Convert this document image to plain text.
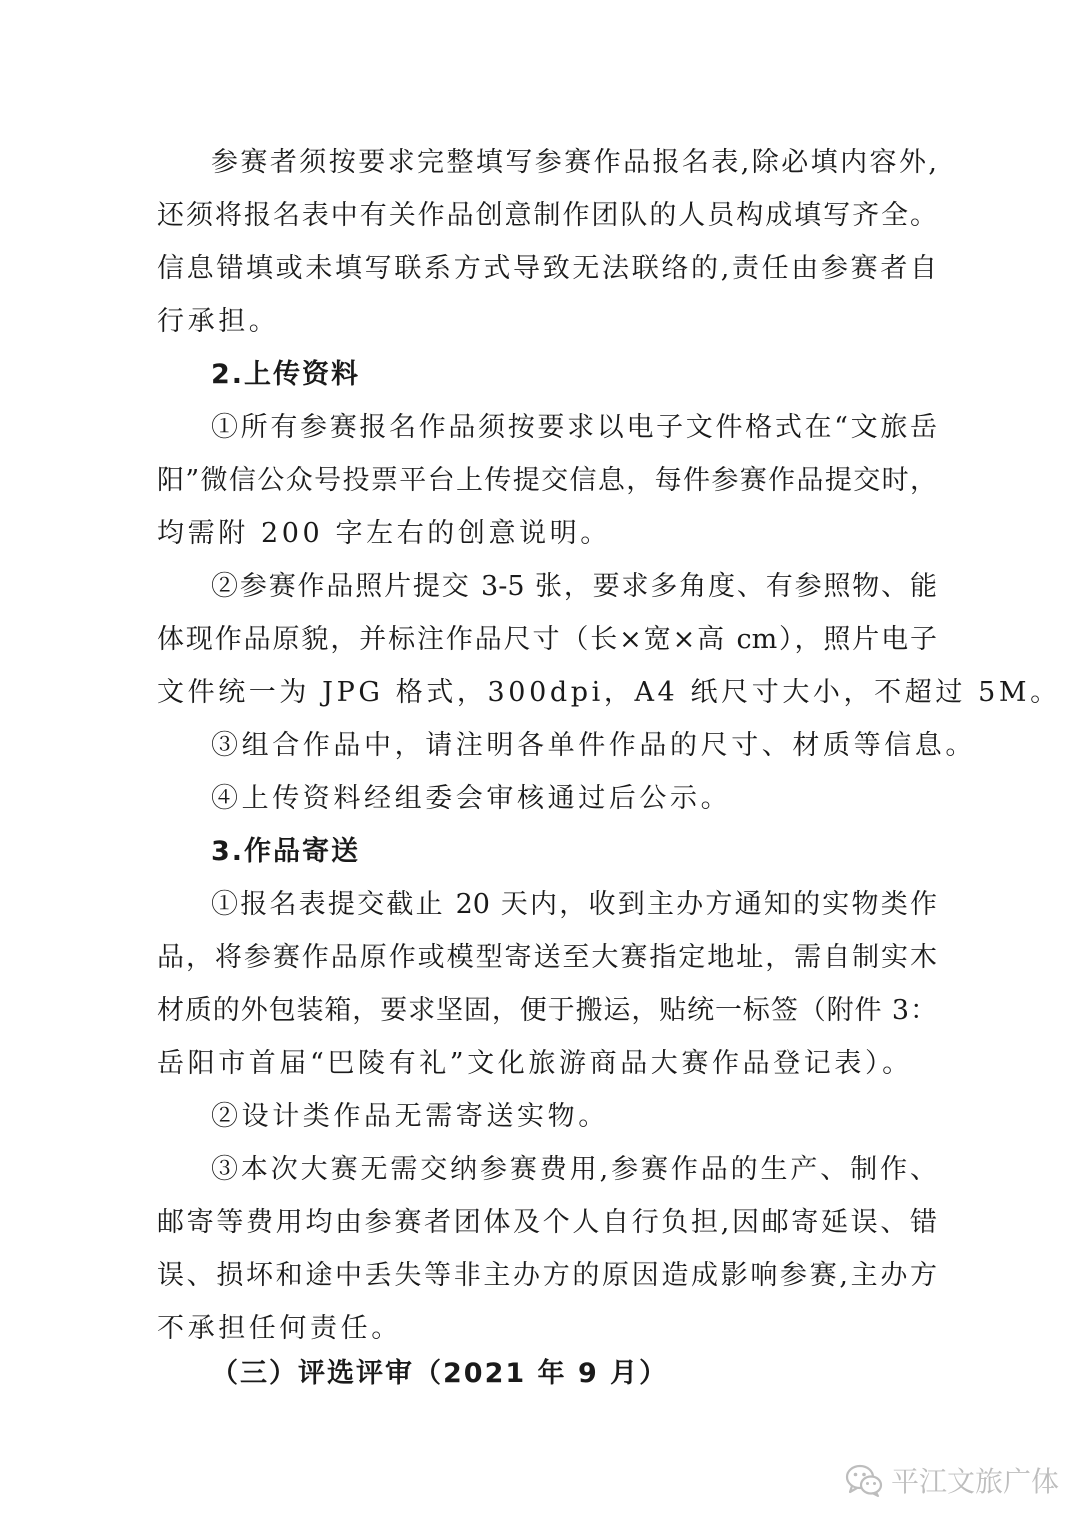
参赛者须按要求完整填写参赛作品报名表,除必填内容外,
还须将报名表中有关作品创意制作团队的人员构成填写齐全。
信息错填或未填写联系方式导致无法联络的,责任由参赛者自
行承担。
2.上传资料
①所有参赛报名作品须按要求以电子文件格式在“文旅岳
阳”微信公众号投票平台上传提交信息，每件参赛作品提交时，
均需附 200 字左右的创意说明。
②参赛作品照片提交 3-5 张，要求多角度、有参照物、能
体现作品原貌，并标注作品尺寸（长×宽×高 cm），照片电子
文件统一为 JPG 格式，300dpi，A4 纸尺寸大小，不超过 5M。
③组合作品中，请注明各单件作品的尺寸、材质等信息。
④上传资料经组委会审核通过后公示。
3.作品寄送
①报名表提交截止 20 天内，收到主办方通知的实物类作
品，将参赛作品原作或模型寄送至大赛指定地址，需自制实木
材质的外包装箱，要求坚固，便于搬运，贴统一标签（附件 3：
岳阳市首届“巴陵有礼”文化旅游商品大赛作品登记表）。
②设计类作品无需寄送实物。
③本次大赛无需交纳参赛费用,参赛作品的生产、制作、
邮寄等费用均由参赛者团体及个人自行负担,因邮寄延误、错
误、损坏和途中丢失等非主办方的原因造成影响参赛,主办方
不承担任何责任。
（三）评选评审（2021 年 9 月）
平江文旅广体
